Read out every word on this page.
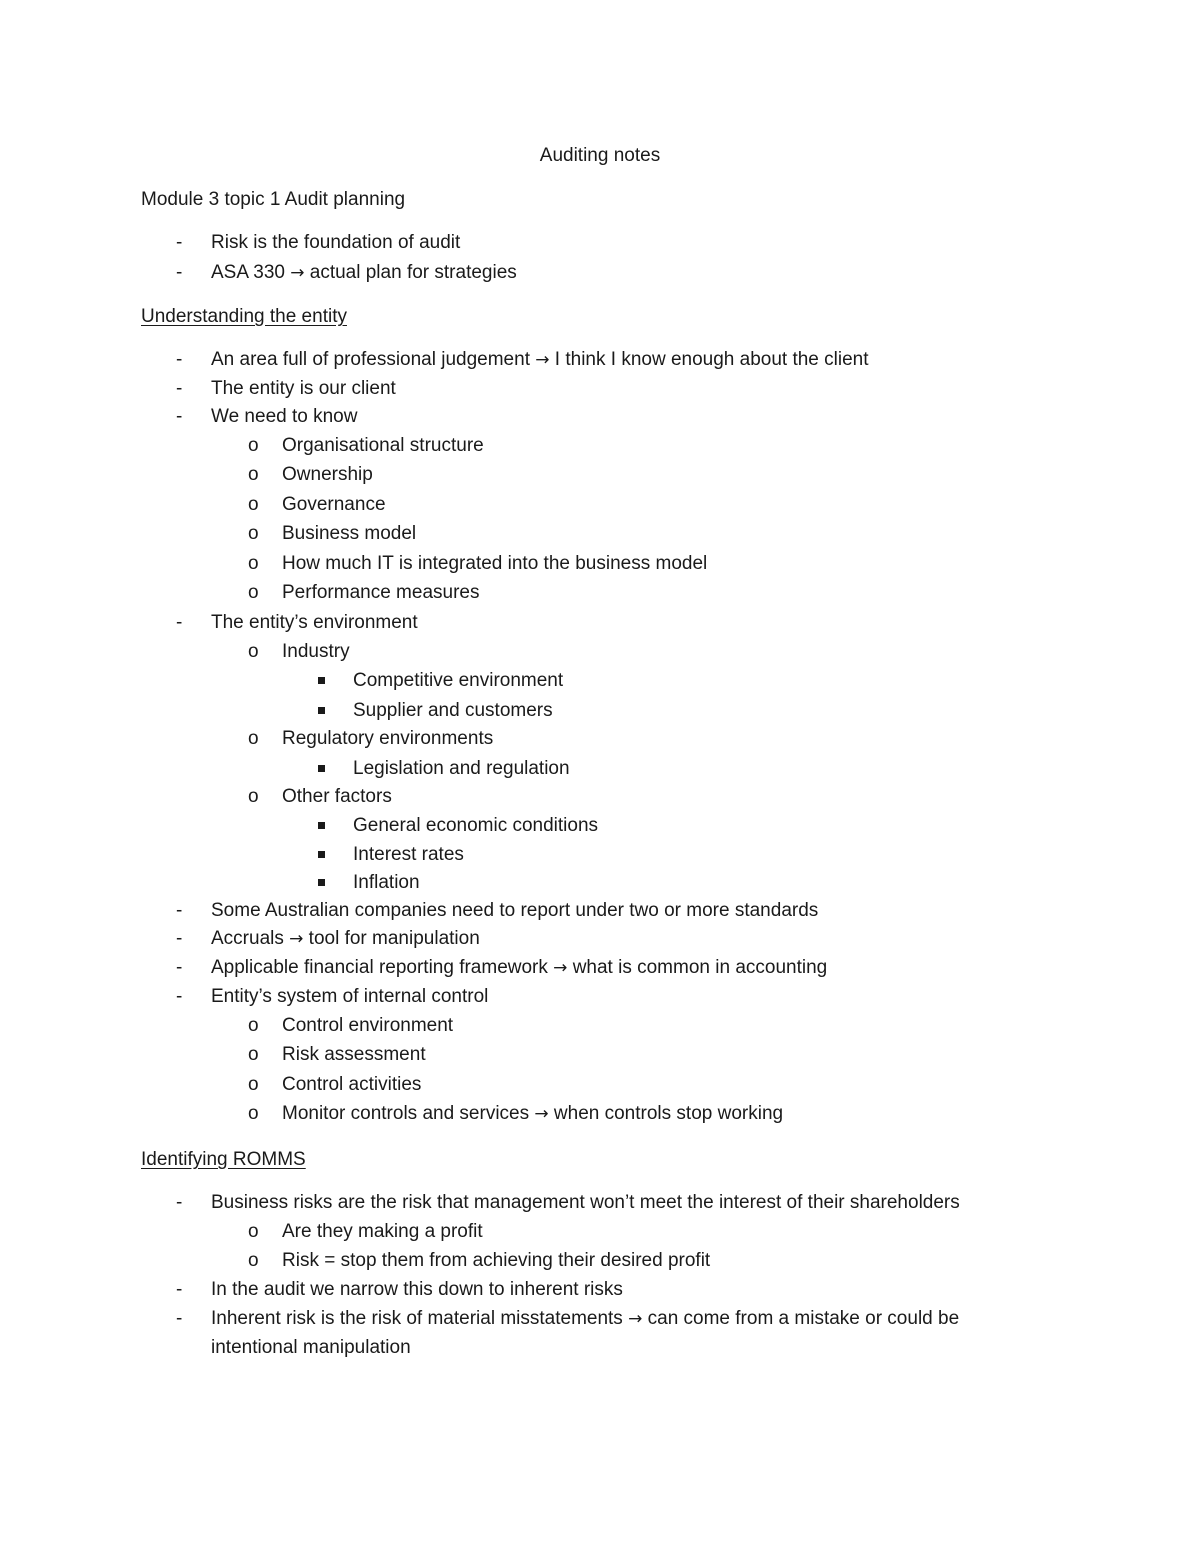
Auditing notes
Module 3 topic 1 Audit planning
- Risk is the foundation of audit
- ASA 330 → actual plan for strategies
Understanding the entity
- An area full of professional judgement → I think I know enough about the client
- The entity is our client
- We need to know
o Organisational structure
o Ownership
o Governance
o Business model
o How much IT is integrated into the business model
o Performance measures
- The entity’s environment
o Industry
Competitive environment
Supplier and customers
o Regulatory environments
Legislation and regulation
o Other factors
General economic conditions
Interest rates
Inflation
- Some Australian companies need to report under two or more standards
- Accruals → tool for manipulation
- Applicable financial reporting framework → what is common in accounting
- Entity’s system of internal control
o Control environment
o Risk assessment
o Control activities
o Monitor controls and services → when controls stop working
Identifying ROMMS
- Business risks are the risk that management won’t meet the interest of their shareholders
o Are they making a profit
o Risk = stop them from achieving their desired profit
- In the audit we narrow this down to inherent risks
- Inherent risk is the risk of material misstatements → can come from a mistake or could be
intentional manipulation
